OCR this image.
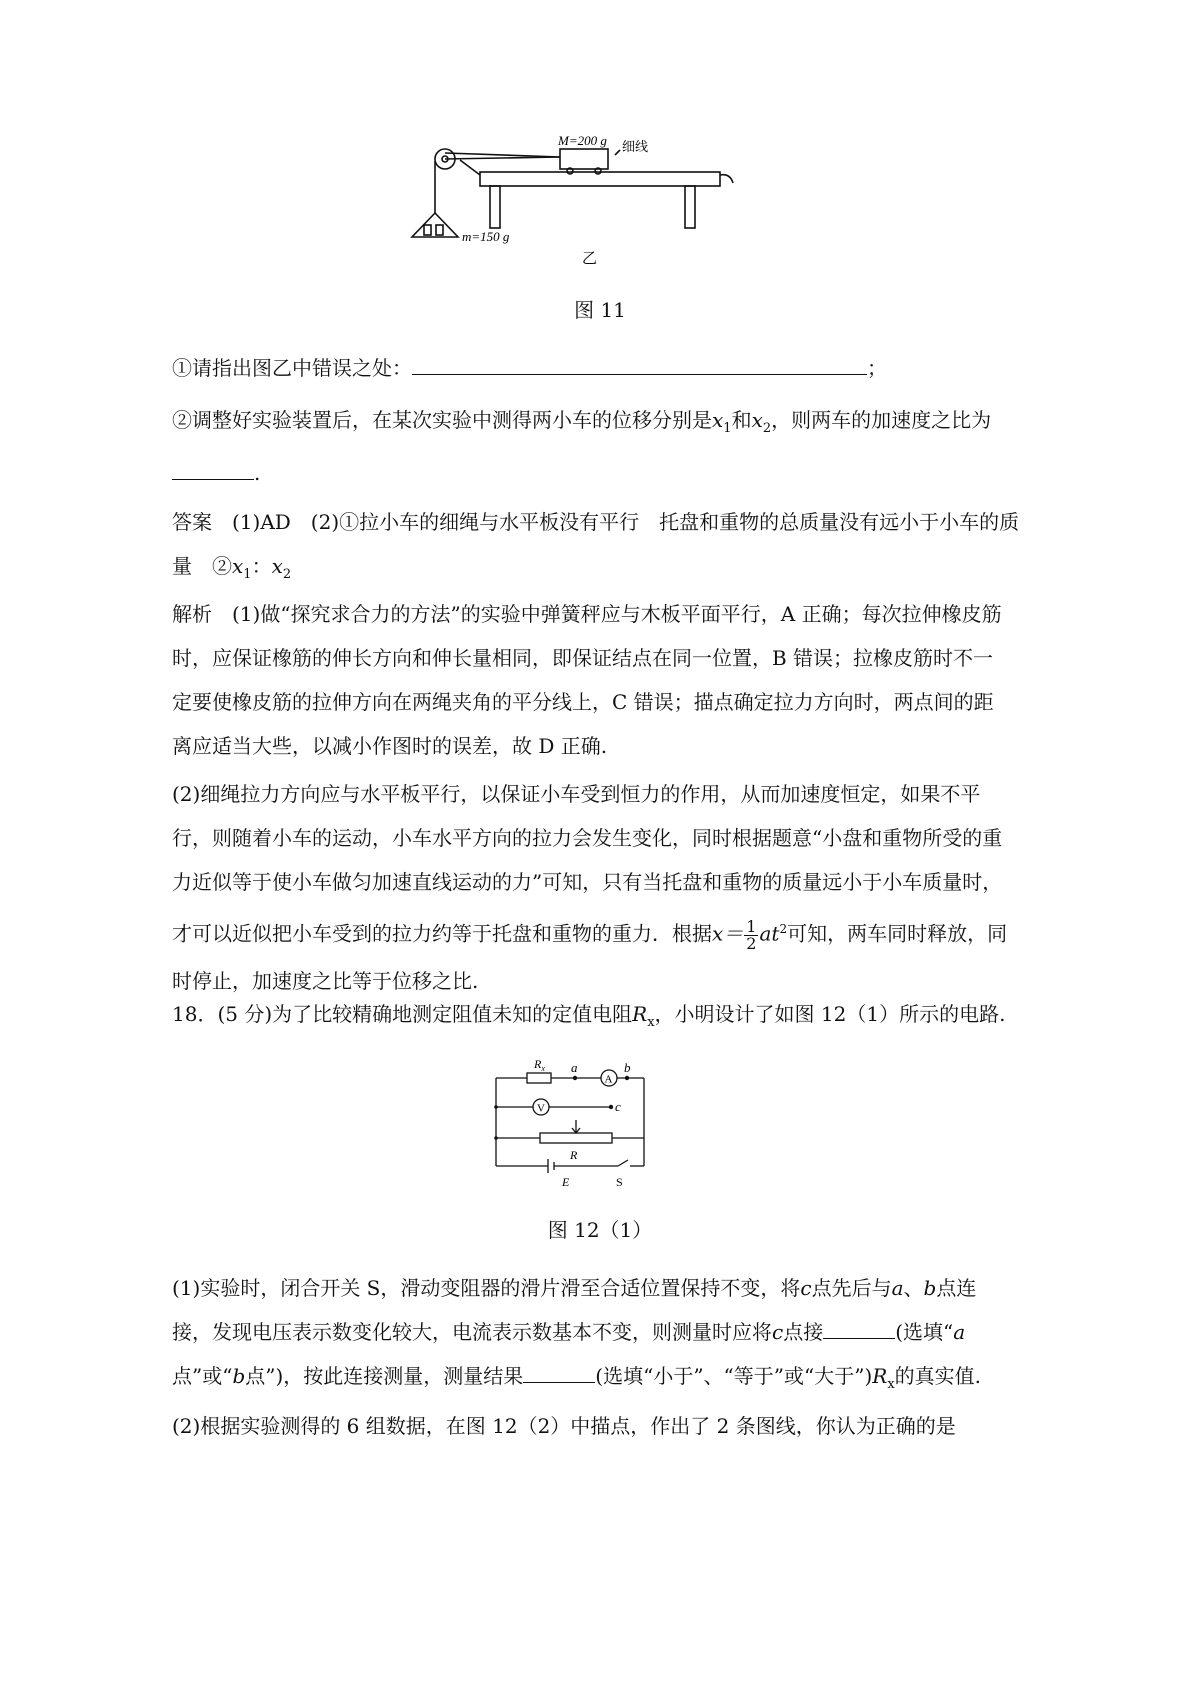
M=200 g 细线
m=150 g
乙
图 11

①请指出图乙中错误之处：	；

②调整好实验装置后，在某次实验中测得两小车的位移分别是$x_1$和$x_2$，则两车的加速度之比为
.

答案　(1)AD　(2)①拉小车的细绳与水平板没有平行　托盘和重物的总质量没有远小于小车的质
量　$②x_1$：$x_2$

解析　(1)做“探究求合力的方法”的实验中弹簧秤应与木板平面平行，A 正确；每次拉伸橡皮筋
时，应保证橡筋的伸长方向和伸长量相同，即保证结点在同一位置，B 错误；拉橡皮筋时不一
定要使橡皮筋的拉伸方向在两绳夹角的平分线上，C 错误；描点确定拉力方向时，两点间的距
离应适当大些，以减小作图时的误差，故 D 正确.

(2)细绳拉力方向应与水平板平行，以保证小车受到恒力的作用，从而加速度恒定，如果不平
行，则随着小车的运动，小车水平方向的拉力会发生变化，同时根据题意“小盘和重物所受的重
力近似等于使小车做匀加速直线运动的力”可知，只有当托盘和重物的质量远小于小车质量时，
才可以近似把小车受到的拉力约等于托盘和重物的重力．根据$x= \frac{1}{2} at^2$可知，两车同时释放，同
时停止，加速度之比等于位移之比.

18．(5 分)为了比较精确地测定阻值未知的定值电阻$R_x$，小明设计了如图 12（1）所示的电路.

$R_x$ a
A
b
V	c
R
E	S
图 12（1）

(1)实验时，闭合开关 S，滑动变阻器的滑片滑至合适位置保持不变，将c点先后与a、b点连
接，发现电压表示数变化较大，电流表示数基本不变，则测量时应将c点接	(选填“a
点”或“b点”)，按此连接测量，测量结果	(选填“小于”、“等于”或“大于$”)R_x$的真实值.

(2)根据实验测得的 6 组数据，在图 12（2）中描点，作出了 2 条图线，你认为正确的是
